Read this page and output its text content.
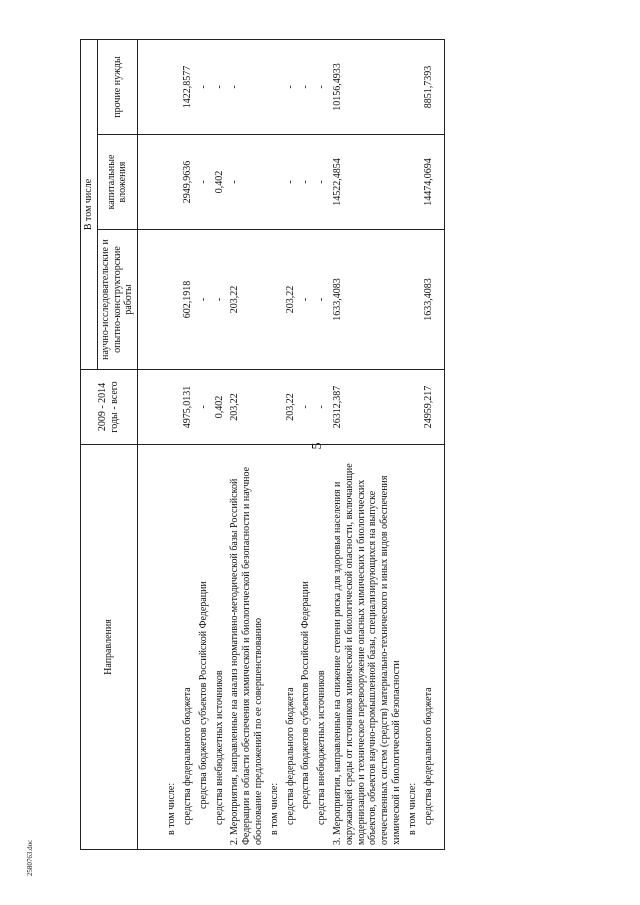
5
Направления	2009 - 2014 годы - всего	В том числе		
		научно-исследовательские и опытно-конструкторские работы	капитальные вложения	прочие нужды
в том числе:				
средства федерального бюджета	4975,0131	602,1918	2949,9636	1422,8577
средства бюджетов субъектов Российской Федерации	-	-	-	-
средства внебюджетных источников	0,402	-	0,402	-
2. Мероприятия, направленные на анализ нормативно-методической базы Российской Федерации в области обеспечения химической и биологической безопасности и научное обоснование предложений по ее совершенствованию	203,22	203,22	-	-
в том числе:				
средства федерального бюджета	203,22	203,22	-	-
средства бюджетов субъектов Российской Федерации	-	-	-	-
средства внебюджетных источников	-	-	-	-
3. Мероприятия, направленные на снижение степени риска для здоровья населения и окружающей среды от источников химической и биологической опасности, включающие модернизацию и техническое перевооружение опасных химических и биологических объектов, объектов научно-промышленной базы, специализирующихся на выпуске отечественных систем (средств) материально-технического и иных видов обеспечения химической и биологической безопасности	26312,387	1633,4083	14522,4854	10156,4933
в том числе:				
средства федерального бюджета	24959,217	1633,4083	14474,0694	8851,7393
2580763.doc
